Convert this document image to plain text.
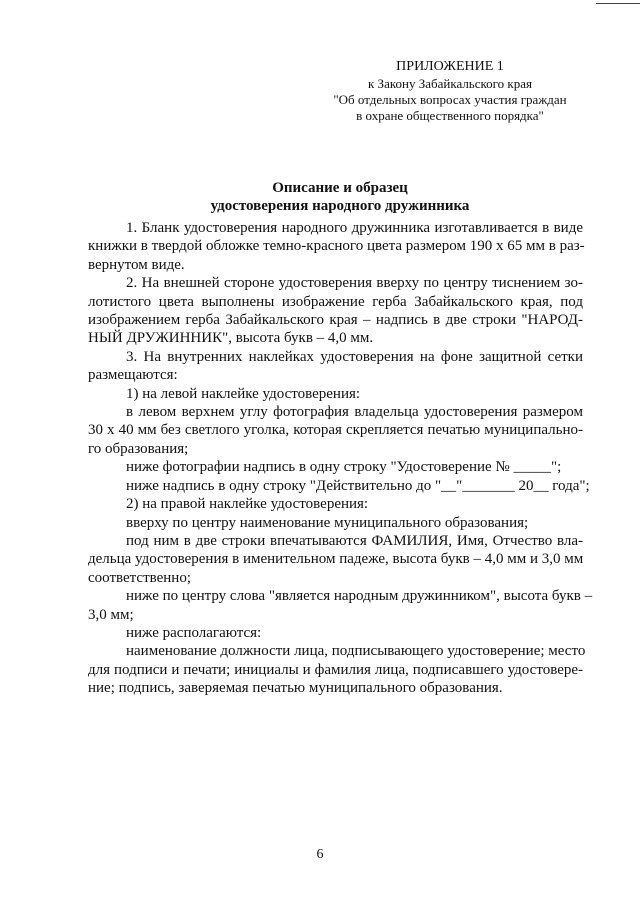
ПРИЛОЖЕНИЕ 1
к Закону Забайкальского края
"Об отдельных вопросах участия граждан
в охране общественного порядка"
Описание и образец
удостоверения народного дружинника
1. Бланк удостоверения народного дружинника изготавливается в виде
книжки в твердой обложке темно-красного цвета размером 190 х 65 мм в раз-
вернутом виде.
2. На внешней стороне удостоверения вверху по центру тиснением зо-
лотистого цвета выполнены изображение герба Забайкальского края, под
изображением герба Забайкальского края – надпись в две строки "НАРОД-
НЫЙ ДРУЖИННИК", высота букв – 4,0 мм.
3. На внутренних наклейках удостоверения на фоне защитной сетки
размещаются:
1) на левой наклейке удостоверения:
в левом верхнем углу фотография владельца удостоверения размером
30 х 40 мм без светлого уголка, которая скрепляется печатью муниципально-
го образования;
ниже фотографии надпись в одну строку "Удостоверение № _____";
ниже надпись в одну строку "Действительно до "__"_______ 20__ года";
2) на правой наклейке удостоверения:
вверху по центру наименование муниципального образования;
под ним в две строки впечатываются ФАМИЛИЯ, Имя, Отчество вла-
дельца удостоверения в именительном падеже, высота букв – 4,0 мм и 3,0 мм
соответственно;
ниже по центру слова "является народным дружинником", высота букв –
3,0 мм;
ниже располагаются:
наименование должности лица, подписывающего удостоверение; место
для подписи и печати; инициалы и фамилия лица, подписавшего удостовере-
ние; подпись, заверяемая печатью муниципального образования.
6
